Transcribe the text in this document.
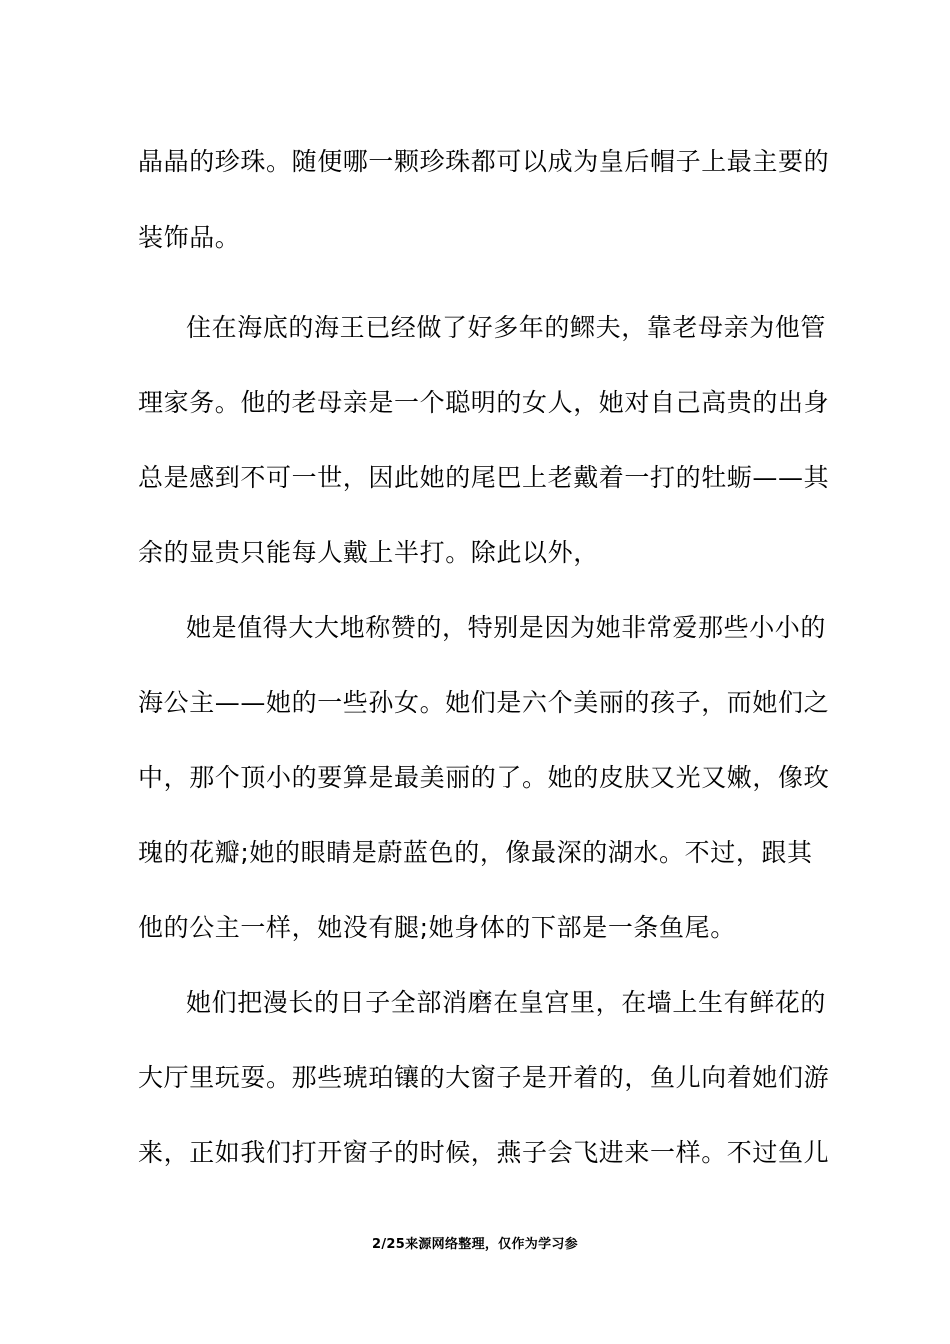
晶晶的珍珠。随便哪一颗珍珠都可以成为皇后帽子上最主要的
装饰品。
住在海底的海王已经做了好多年的鳏夫，靠老母亲为他管
理家务。他的老母亲是一个聪明的女人，她对自己高贵的出身
总是感到不可一世，因此她的尾巴上老戴着一打的牡蛎——其
余的显贵只能每人戴上半打。除此以外，
她是值得大大地称赞的，特别是因为她非常爱那些小小的
海公主——她的一些孙女。她们是六个美丽的孩子，而她们之
中，那个顶小的要算是最美丽的了。她的皮肤又光又嫩，像玫
瑰的花瓣;她的眼睛是蔚蓝色的，像最深的湖水。不过，跟其
他的公主一样，她没有腿;她身体的下部是一条鱼尾。
她们把漫长的日子全部消磨在皇宫里，在墙上生有鲜花的
大厅里玩耍。那些琥珀镶的大窗子是开着的，鱼儿向着她们游
来，正如我们打开窗子的时候，燕子会飞进来一样。不过鱼儿
2/25来源网络整理，仅作为学习参
